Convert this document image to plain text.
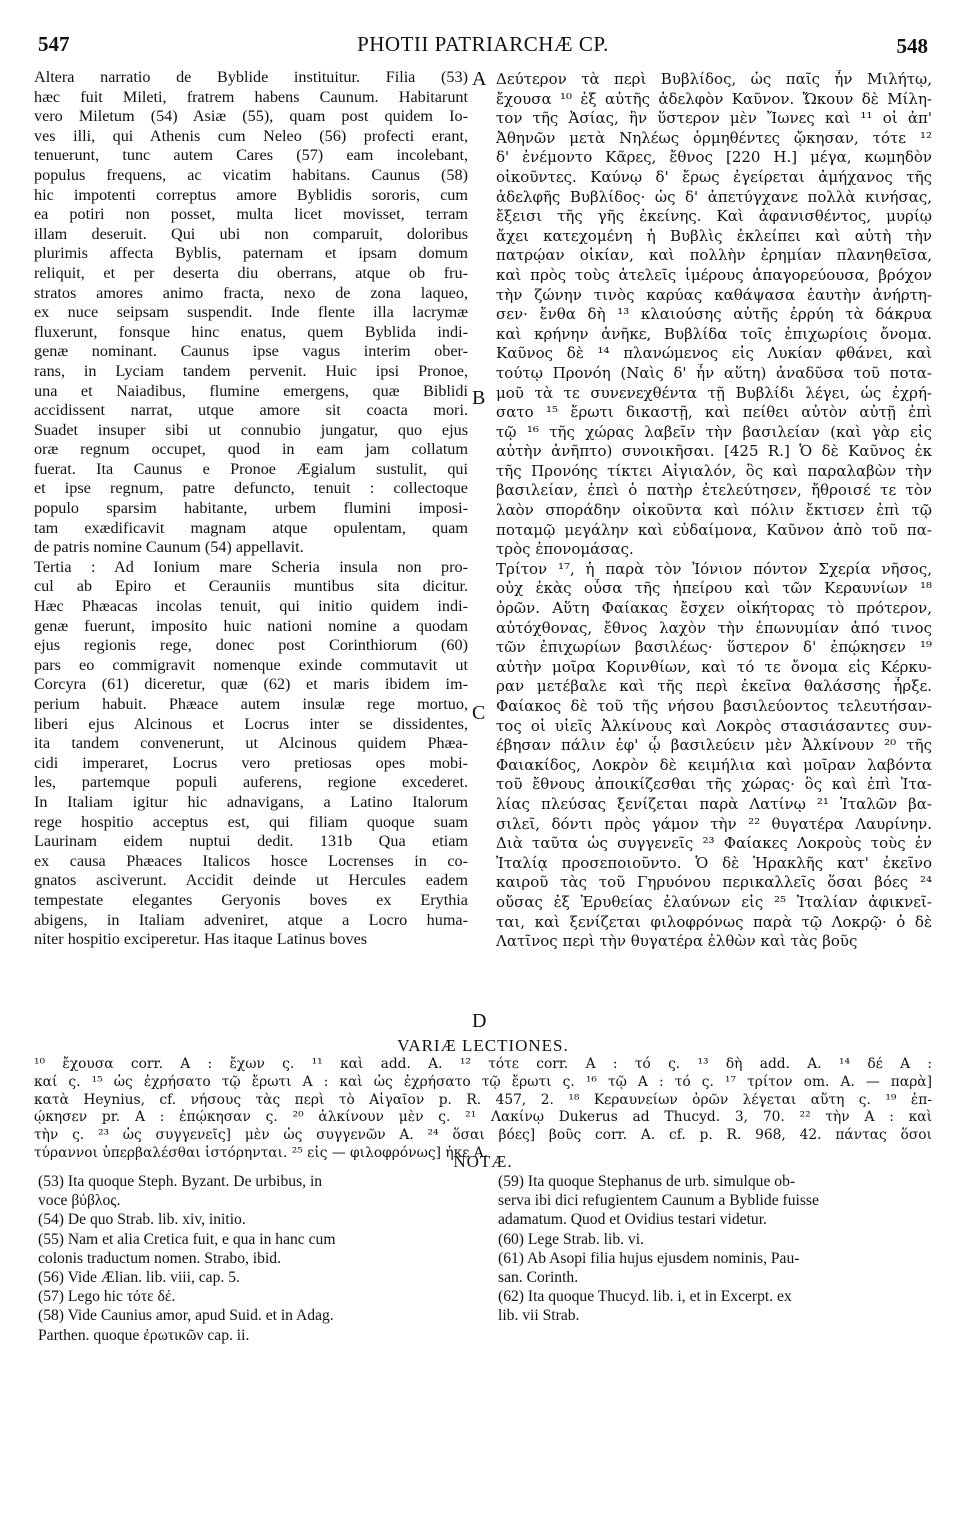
547	PHOTII PATRIARCHÆ CP.	548
Altera narratio de Byblide instituitur. Filia (53)
hæc fuit Mileti, fratrem habens Caunum. Habitarunt
vero Miletum (54) Asiæ (55), quam post quidem Io-
ves illi, qui Athenis cum Neleo (56) profecti erant,
tenuerunt, tunc autem Cares (57) eam incolebant,
populus frequens, ac vicatim habitans. Caunus (58)
hic impotenti correptus amore Byblidis sororis, cum
ea potiri non posset, multa licet movisset, terram
illam deseruit. Qui ubi non comparuit, doloribus
plurimis affecta Byblis, paternam et ipsam domum
reliquit, et per deserta diu oberrans, atque ob fru-
stratos amores animo fracta, nexo de zona laqueo,
ex nuce seipsam suspendit. Inde flente illa lacrymæ
fluxerunt, fonsque hinc enatus, quem Byblida indi-
genæ nominant. Caunus ipse vagus interim ober-
rans, in Lyciam tandem pervenit. Huic ipsi Pronoe,
una et Naiadibus, flumine emergens, quæ Biblidi
accidissent narrat, utque amore sit coacta mori.
Suadet insuper sibi ut connubio jungatur, quo ejus
oræ regnum occupet, quod in eam jam collatum
fuerat. Ita Caunus e Pronoe Ægialum sustulit, qui
et ipse regnum, patre defuncto, tenuit : collectoque
populo sparsim habitante, urbem flumini imposi-
tam exædificavit magnam atque opulentam, quam
de patris nomine Caunum (54) appellavit.
Tertia : Ad Ionium mare Scheria insula non pro-
cul ab Epiro et Cerauniis muntibus sita dicitur.
Hæc Phæacas incolas tenuit, qui initio quidem indi-
genæ fuerunt, imposito huic nationi nomine a quodam
ejus regionis rege, donec post Corinthiorum (60)
pars eo commigravit nomenque exinde commutavit ut
Corcyra (61) diceretur, quæ (62) et maris ibidem im-
perium habuit. Phæace autem insulæ rege mortuo,
liberi ejus Alcinous et Locrus inter se dissidentes,
ita tandem convenerunt, ut Alcinous quidem Phæa-
cidi imperaret, Locrus vero pretiosas opes mobi-
les, partemque populi auferens, regione excederet.
In Italiam igitur hic adnavigans, a Latino Italorum
rege hospitio acceptus est, qui filiam quoque suam
Laurinam eidem nuptui dedit. 131b Qua etiam
ex causa Phæaces Italicos hosce Locrenses in co-
gnatos asciverunt. Accidit deinde ut Hercules eadem
tempestate elegantes Geryonis boves ex Erythia
abigens, in Italiam adveniret, atque a Locro huma-
niter hospitio exciperetur. Has itaque Latinus boves
Δεύτερον τὰ περὶ Βυβλίδος, ὡς παῖς ἦν Μιλήτῳ,
ἔχουσα ¹⁰ ἐξ αὐτῆς ἀδελφὸν Καῦνον. Ὤκουν δὲ Μίλη-
τον τῆς Ἀσίας, ἣν ὕστερον μὲν Ἴωνες καὶ ¹¹ οἱ ἀπ'
Ἀθηνῶν μετὰ Νηλέως ὁρμηθέντες ᾤκησαν, τότε ¹²
δ' ἐνέμοντο Κᾶρες, ἔθνος [220 Η.] μέγα, κωμηδὸν
οἰκοῦντες. Καύνῳ δ' ἔρως ἐγείρεται ἀμήχανος τῆς
ἀδελφῆς Βυβλίδος· ὡς δ' ἀπετύγχανε πολλὰ κινήσας,
ἔξεισι τῆς γῆς ἐκείνης. Καὶ ἀφανισθέντος, μυρίῳ
ἄχει κατεχομένη ἡ Βυβλὶς ἐκλείπει καὶ αὐτὴ τὴν
πατρῴαν οἰκίαν, καὶ πολλὴν ἐρημίαν πλανηθεῖσα,
καὶ πρὸς τοὺς ἀτελεῖς ἱμέρους ἀπαγορεύουσα, βρόχον
τὴν ζώνην τινὸς καρύας καθάψασα ἑαυτὴν ἀνήρτη-
σεν· ἔνθα δὴ ¹³ κλαιούσης αὐτῆς ἐρρύη τὰ δάκρυα
καὶ κρήνην ἀνῆκε, Βυβλίδα τοῖς ἐπιχωρίοις ὄνομα.
Καῦνος δὲ ¹⁴ πλανώμενος εἰς Λυκίαν φθάνει, καὶ
τούτῳ Προνόη (Ναὶς δ' ἦν αὕτη) ἀναδῦσα τοῦ ποτα-
μοῦ τὰ τε συνενεχθέντα τῇ Βυβλίδι λέγει, ὡς ἐχρή-
σατο ¹⁵ ἔρωτι δικαστῇ, καὶ πείθει αὐτὸν αὐτῇ ἐπὶ
τῷ ¹⁶ τῆς χώρας λαβεῖν τὴν βασιλείαν (καὶ γὰρ εἰς
αὐτὴν ἀνῆπτο) συνοικῆσαι. [425 R.] Ὁ δὲ Καῦνος ἐκ
τῆς Προνόης τίκτει Αἰγιαλόν, ὃς καὶ παραλαβὼν τὴν
βασιλείαν, ἐπεὶ ὁ πατὴρ ἐτελεύτησεν, ἤθροισέ τε τὸν
λαὸν σποράδην οἰκοῦντα καὶ πόλιν ἔκτισεν ἐπὶ τῷ
ποταμῷ μεγάλην καὶ εὐδαίμονα, Καῦνον ἀπὸ τοῦ πα-
τρὸς ἐπονομάσας.
Τρίτον ¹⁷, ἡ παρὰ τὸν Ἰόνιον πόντον Σχερία νῆσος,
οὐχ ἑκὰς οὖσα τῆς ἠπείρου καὶ τῶν Κεραυνίων ¹⁸
ὀρῶν. Αὕτη Φαίακας ἔσχεν οἰκήτορας τὸ πρότερον,
αὐτόχθονας, ἔθνος λαχὸν τὴν ἐπωνυμίαν ἀπό τινος
τῶν ἐπιχωρίων βασιλέως· ὕστερον δ' ἐπῴκησεν ¹⁹
αὐτὴν μοῖρα Κορινθίων, καὶ τό τε ὄνομα εἰς Κέρκυ-
ραν μετέβαλε καὶ τῆς περὶ ἐκεῖνα θαλάσσης ἦρξε.
Φαίακος δὲ τοῦ τῆς νήσου βασιλεύοντος τελευτήσαν-
τος οἱ υἱεῖς Ἀλκίνους καὶ Λοκρὸς στασιάσαντες συν-
έβησαν πάλιν ἐφ' ᾧ βασιλεύειν μὲν Ἀλκίνουν ²⁰ τῆς
Φαιακίδος, Λοκρὸν δὲ κειμήλια καὶ μοῖραν λαβόντα
τοῦ ἔθνους ἀποικίζεσθαι τῆς χώρας· ὃς καὶ ἐπὶ Ἰτα-
λίας πλεύσας ξενίζεται παρὰ Λατίνῳ ²¹ Ἰταλῶν βα-
σιλεῖ, δόντι πρὸς γάμον τὴν ²² θυγατέρα Λαυρίνην.
Διὰ ταῦτα ὡς συγγενεῖς ²³ Φαίακες Λοκροὺς τοὺς ἐν
Ἰταλίᾳ προσεποιοῦντο. Ὁ δὲ Ἡρακλῆς κατ' ἐκεῖνο
καιροῦ τὰς τοῦ Γηρυόνου περικαλλεῖς ὅσαι βόες ²⁴
οὔσας ἐξ Ἐρυθείας ἐλαύνων εἰς ²⁵ Ἰταλίαν ἀφικνεῖ-
ται, καὶ ξενίζεται φιλοφρόνως παρὰ τῷ Λοκρῷ· ὁ δὲ
Λατῖνος περὶ τὴν θυγατέρα ἐλθὼν καὶ τὰς βοῦς
A
B
C
D
VARIÆ LECTIONES.
¹⁰ ἔχουσα corr. A : ἔχων ς. ¹¹ καὶ add. A. ¹² τότε corr. A : τό ς. ¹³ δὴ add. A. ¹⁴ δέ A :
καί ς. ¹⁵ ὡς ἐχρήσατο τῷ ἔρωτι A : καὶ ὡς ἐχρήσατο τῷ ἔρωτι ς. ¹⁶ τῷ A : τό ς. ¹⁷ τρίτον om. A. — παρὰ]
κατὰ Heynius, cf. νήσους τὰς περὶ τὸ Αἰγαῖον p. R. 457, 2. ¹⁸ Κεραυνείων ὀρῶν λέγεται αὕτη ς. ¹⁹ ἐπ-
ῴκησεν pr. A : ἐπῴκησαν ς. ²⁰ ἀλκίνουν μὲν ς. ²¹ Λακίνῳ Dukerus ad Thucyd. 3, 70. ²² τὴν A : καὶ
τὴν ς. ²³ ὡς συγγενεῖς] μὲν ὡς συγγενῶν A. ²⁴ ὅσαι βόες] βοῦς corr. A. cf. p. R. 968, 42. πάντας ὅσοι
τύραννοι ὑπερβαλέσθαι ἱστόρηνται. ²⁵ εἰς — φιλοφρόνως] ἧκε A.
NOTÆ.
(53) Ita quoque Steph. Byzant. De urbibus, in
voce βύβλος.
(54) De quo Strab. lib. xiv, initio.
(55) Nam et alia Cretica fuit, e qua in hanc cum
colonis traductum nomen. Strabo, ibid.
(56) Vide Ælian. lib. viii, cap. 5.
(57) Lego hic τότε δέ.
(58) Vide Caunius amor, apud Suid. et in Adag.
Parthen. quoque ἐρωτικῶν cap. ii.
(59) Ita quoque Stephanus de urb. simulque ob-
serva ibi dici refugientem Caunum a Byblide fuisse
adamatum. Quod et Ovidius testari videtur.
(60) Lege Strab. lib. vi.
(61) Ab Asopi filia hujus ejusdem nominis, Pau-
san. Corinth.
(62) Ita quoque Thucyd. lib. i, et in Excerpt. ex
lib. vii Strab.
